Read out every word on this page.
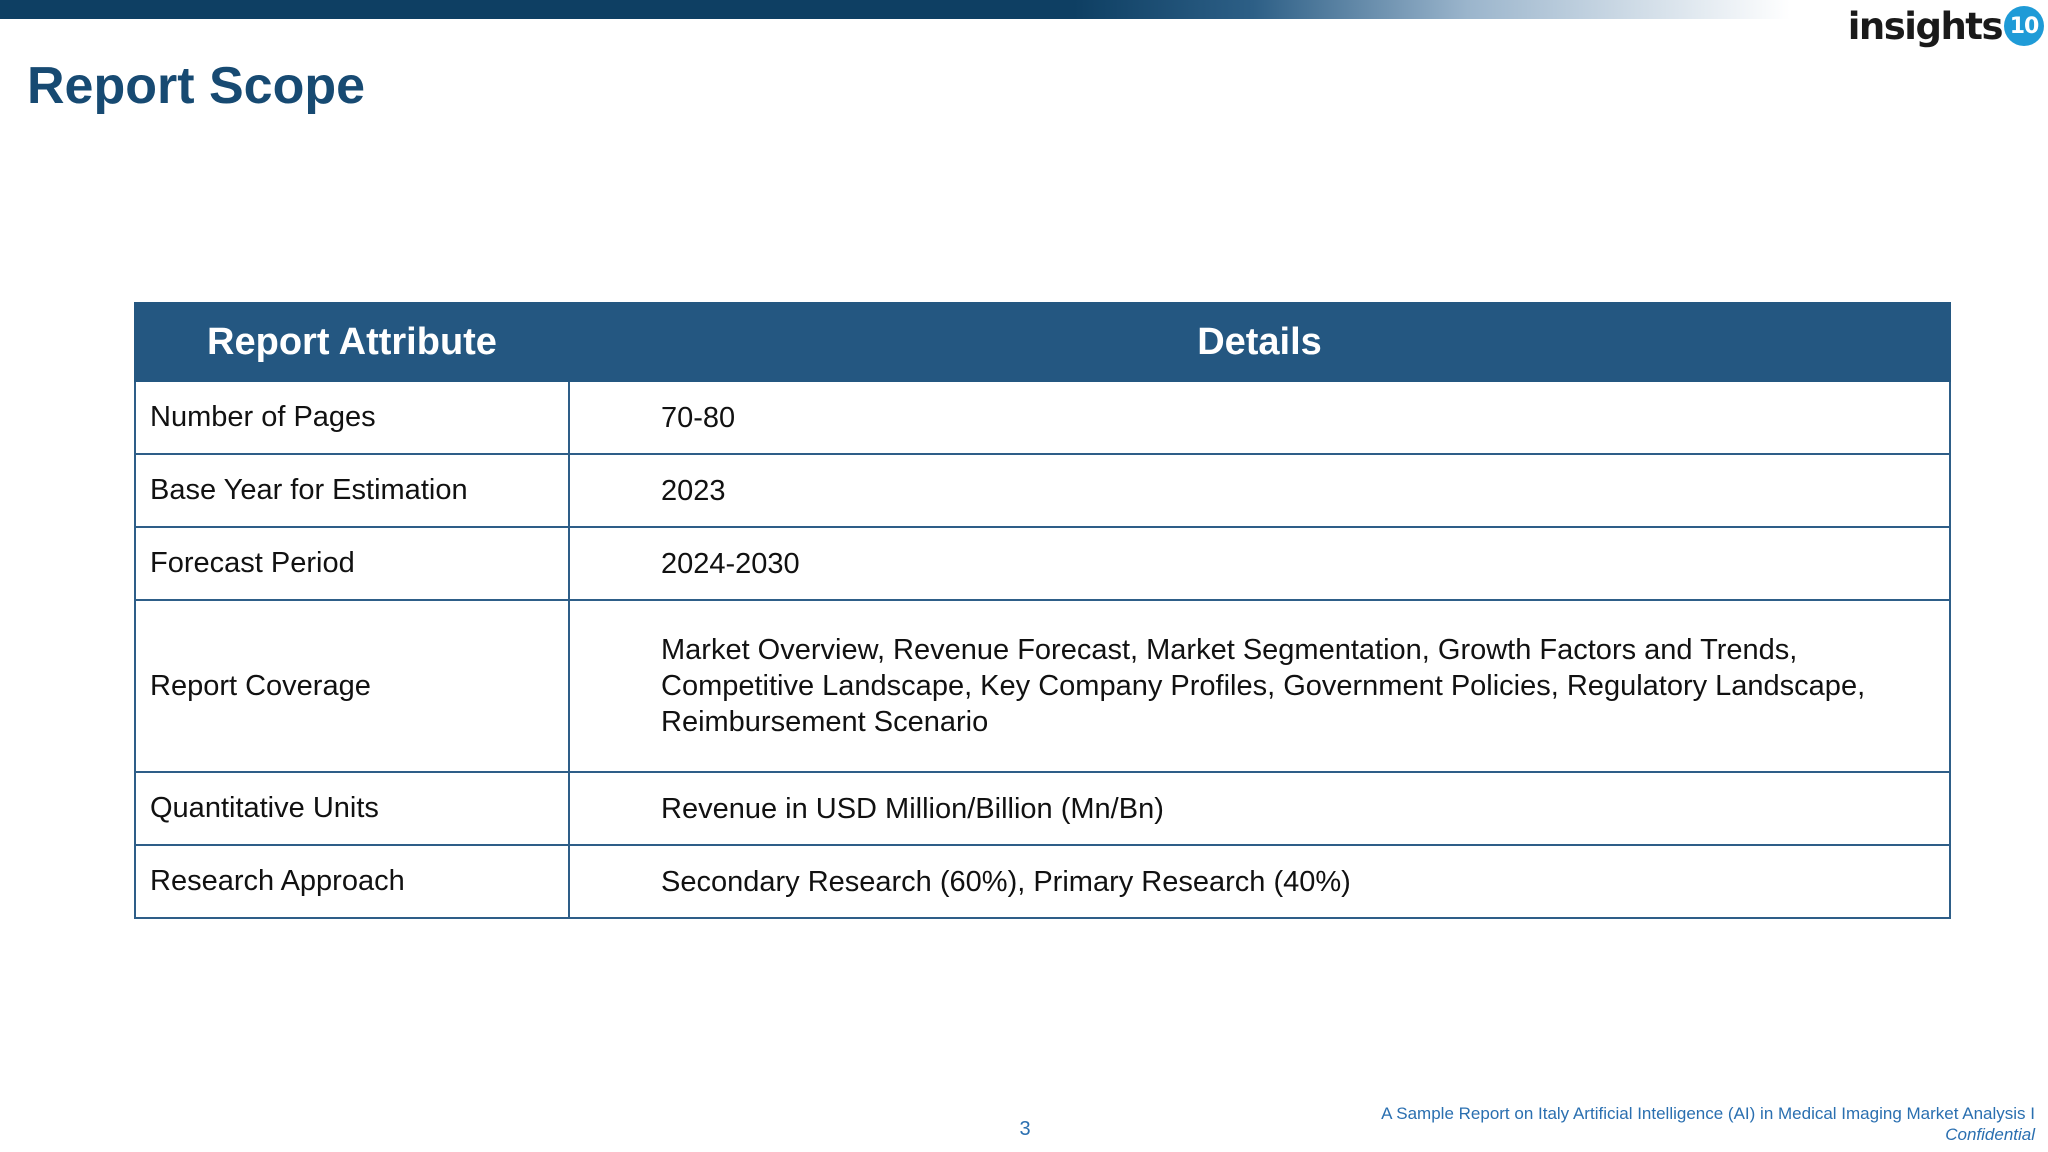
insights 10
Report Scope
Report Attribute	Details
Number of Pages	70-80
Base Year for Estimation	2023
Forecast Period	2024-2030
Report Coverage	Market Overview, Revenue Forecast, Market Segmentation, Growth Factors and Trends, Competitive Landscape, Key Company Profiles, Government Policies, Regulatory Landscape, Reimbursement Scenario
Quantitative Units	Revenue in USD Million/Billion (Mn/Bn)
Research Approach	Secondary Research (60%), Primary Research (40%)
3
A Sample Report on Italy Artificial Intelligence (AI) in Medical Imaging Market Analysis I
Confidential
